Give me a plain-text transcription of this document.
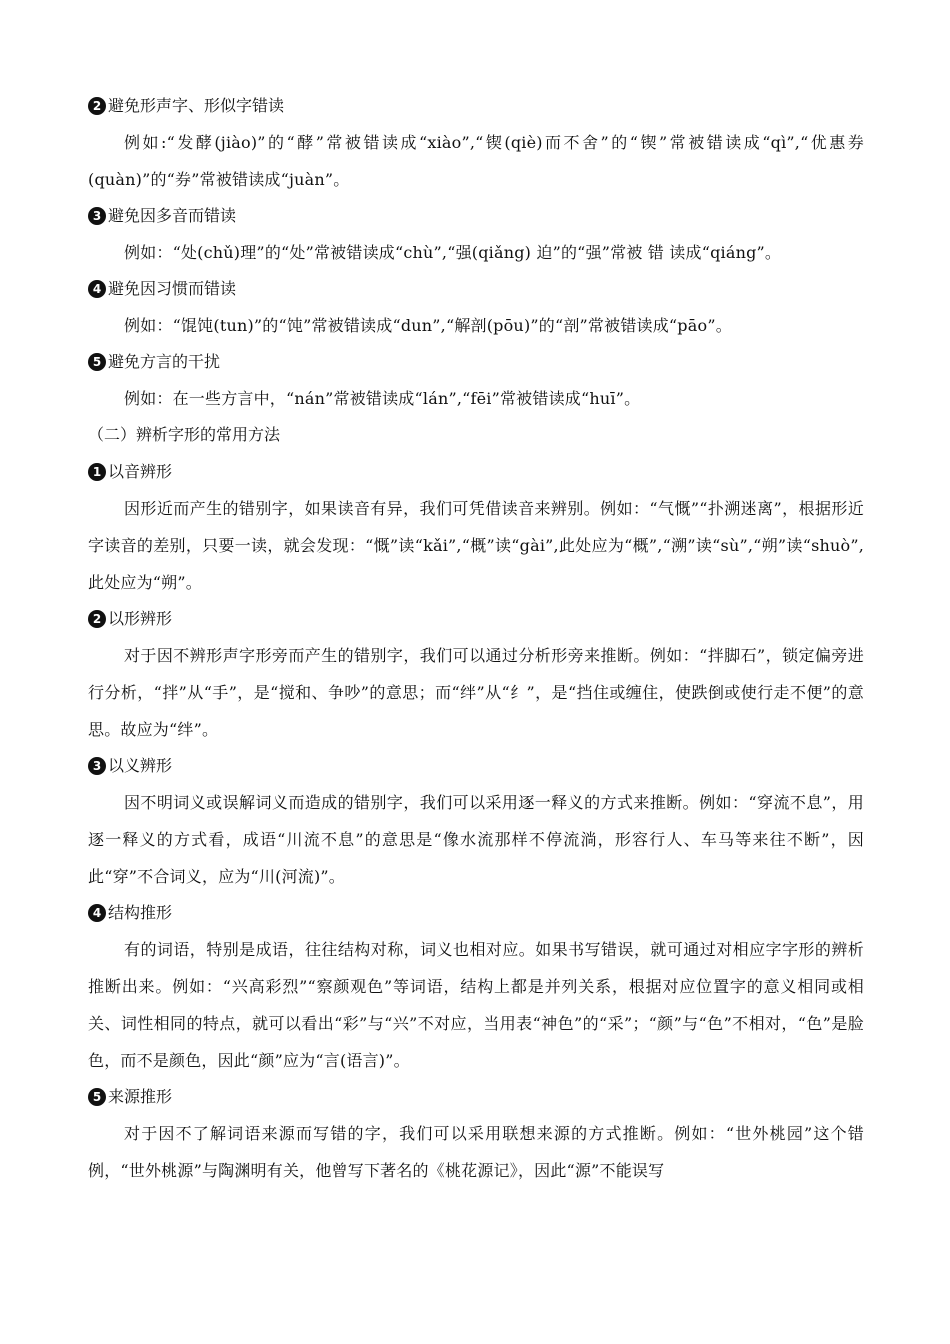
2 避免形声字、形似字错读

例如:“发酵(jiào)”的“酵”常被错读成“xiào”,“锲(qiè)而不舍”的“锲”常被错读成“qì”,“优惠券(quàn)”的“券”常被错读成“juàn”。

3 避免因多音而错读

例如：“处(chǔ)理”的“处”常被错读成“chù”,“强(qiǎng) 迫”的“强”常被 错 读成“qiáng”。

4 避免因习惯而错读

例如：“馄饨(tun)”的“饨”常被错读成“dun”,“解剖(pōu)”的“剖”常被错读成“pāo”。

5 避免方言的干扰

例如：在一些方言中，“nán”常被错读成“lán”,“fēi”常被错读成“huī”。

（二）辨析字形的常用方法
1 以音辨形

因形近而产生的错别字，如果读音有异，我们可凭借读音来辨别。例如：“气慨”“扑溯迷离”，根据形近字读音的差别，只要一读，就会发现：“慨”读“kǎi”,“概”读“gài”,此处应为“概”,“溯”读“sù”,“朔”读“shuò”,此处应为“朔”。

2 以形辨形

对于因不辨形声字形旁而产生的错别字，我们可以通过分析形旁来推断。例如：“拌脚石”，锁定偏旁进行分析，“拌”从“手”，是“搅和、争吵”的意思；而“绊”从“纟”，是“挡住或缠住，使跌倒或使行走不便”的意思。故应为“绊”。

3 以义辨形

因不明词义或误解词义而造成的错别字，我们可以采用逐一释义的方式来推断。例如：“穿流不息”，用逐一释义的方式看，成语“川流不息”的意思是“像水流那样不停流淌，形容行人、车马等来往不断”，因此“穿”不合词义，应为“川(河流)”。

4 结构推形

有的词语，特别是成语，往往结构对称，词义也相对应。如果书写错误，就可通过对相应字字形的辨析推断出来。例如：“兴高彩烈”“察颜观色”等词语，结构上都是并列关系，根据对应位置字的意义相同或相关、词性相同的特点，就可以看出“彩”与“兴”不对应，当用表“神色”的“采”；“颜”与“色”不相对，“色”是脸色，而不是颜色，因此“颜”应为“言(语言)”。

5 来源推形

对于因不了解词语来源而写错的字，我们可以采用联想来源的方式推断。例如：“世外桃园”这个错例，“世外桃源”与陶渊明有关，他曾写下著名的《桃花源记》，因此“源”不能误写
